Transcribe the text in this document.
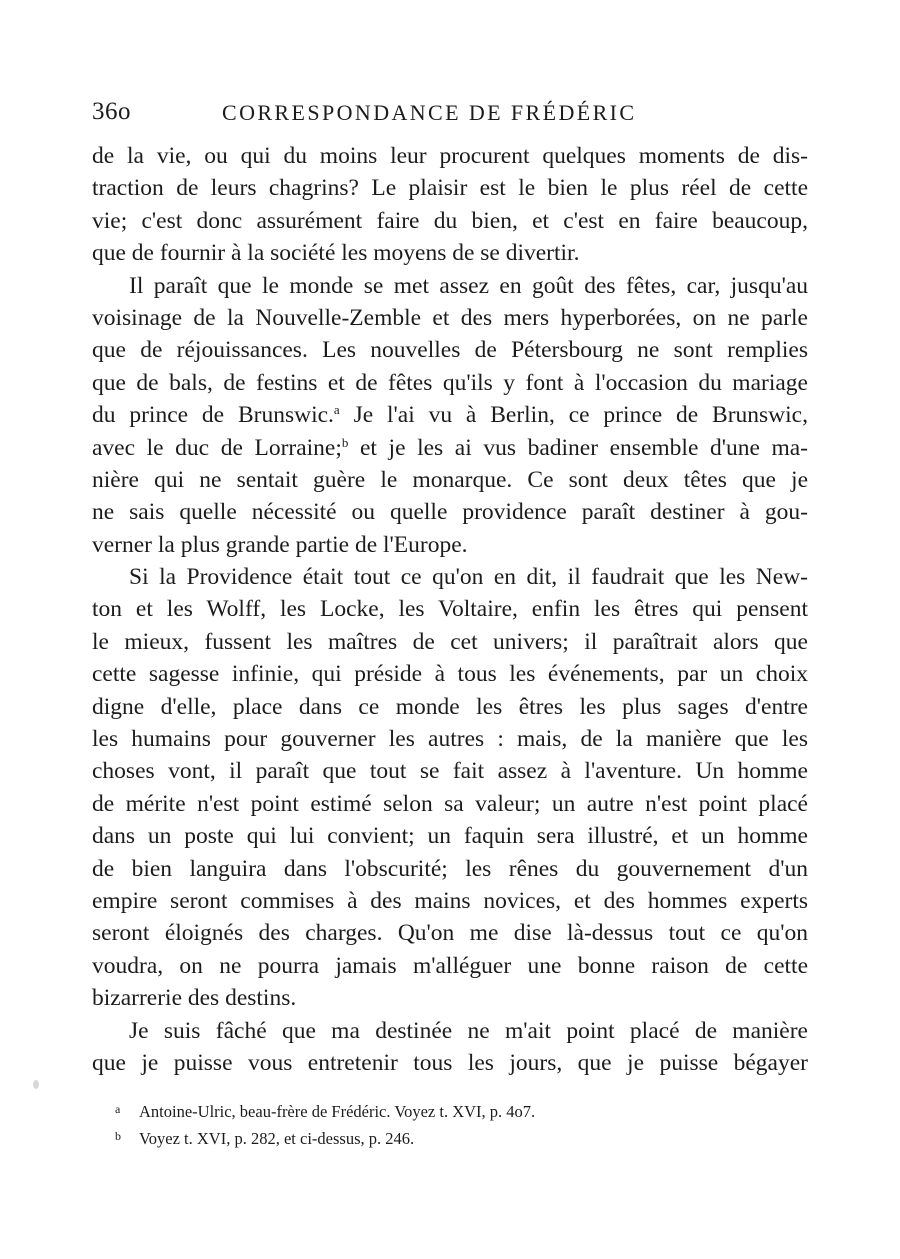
36o	CORRESPONDANCE DE FRÉDÉRIC
de la vie, ou qui du moins leur procurent quelques moments de dis-
traction de leurs chagrins? Le plaisir est le bien le plus réel de cette
vie; c'est donc assurément faire du bien, et c'est en faire beaucoup,
que de fournir à la société les moyens de se divertir.
Il paraît que le monde se met assez en goût des fêtes, car, jusqu'au
voisinage de la Nouvelle-Zemble et des mers hyperborées, on ne parle
que de réjouissances. Les nouvelles de Pétersbourg ne sont remplies
que de bals, de festins et de fêtes qu'ils y font à l'occasion du mariage
du prince de Brunswic.$^a$ Je l'ai vu à Berlin, ce prince de Brunswic,
avec le duc de Lorraine;$^b$ et je les ai vus badiner ensemble d'une ma-
nière qui ne sentait guère le monarque. Ce sont deux têtes que je
ne sais quelle nécessité ou quelle providence paraît destiner à gou-
verner la plus grande partie de l'Europe.
Si la Providence était tout ce qu'on en dit, il faudrait que les New-
ton et les Wolff, les Locke, les Voltaire, enfin les êtres qui pensent
le mieux, fussent les maîtres de cet univers; il paraîtrait alors que
cette sagesse infinie, qui préside à tous les événements, par un choix
digne d'elle, place dans ce monde les êtres les plus sages d'entre
les humains pour gouverner les autres : mais, de la manière que les
choses vont, il paraît que tout se fait assez à l'aventure. Un homme
de mérite n'est point estimé selon sa valeur; un autre n'est point placé
dans un poste qui lui convient; un faquin sera illustré, et un homme
de bien languira dans l'obscurité; les rênes du gouvernement d'un
empire seront commises à des mains novices, et des hommes experts
seront éloignés des charges. Qu'on me dise là-dessus tout ce qu'on
voudra, on ne pourra jamais m'alléguer une bonne raison de cette
bizarrerie des destins.
Je suis fâché que ma destinée ne m'ait point placé de manière
que je puisse vous entretenir tous les jours, que je puisse bégayer
a Antoine-Ulric, beau-frère de Frédéric. Voyez t. XVI, p. 4o7.
b Voyez t. XVI, p. 282, et ci-dessus, p. 246.
